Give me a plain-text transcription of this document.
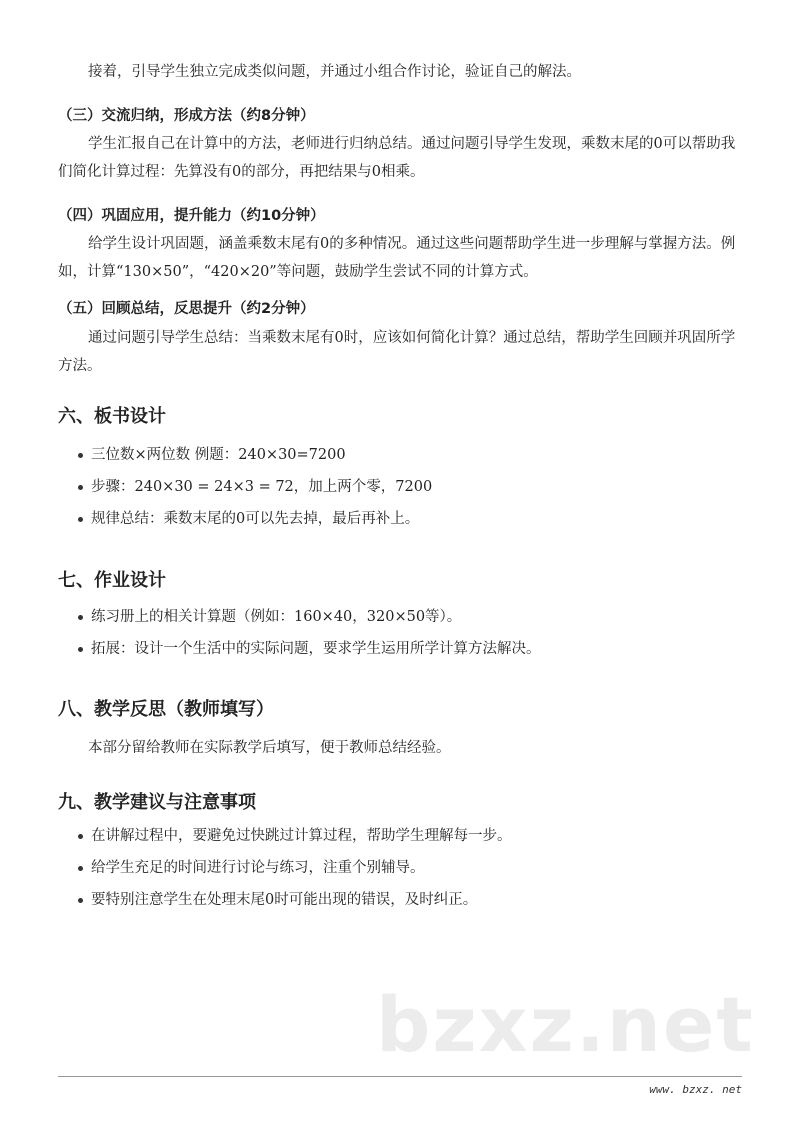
接着，引导学生独立完成类似问题，并通过小组合作讨论，验证自己的解法。

（三）交流归纳，形成方法（约8分钟）

学生汇报自己在计算中的方法，老师进行归纳总结。通过问题引导学生发现，乘数末尾的0可以帮助我们简化计算过程：先算没有0的部分，再把结果与0相乘。

（四）巩固应用，提升能力（约10分钟）

给学生设计巩固题，涵盖乘数末尾有0的多种情况。通过这些问题帮助学生进一步理解与掌握方法。例如，计算“130×50”，“420×20”等问题，鼓励学生尝试不同的计算方式。

（五）回顾总结，反思提升（约2分钟）

通过问题引导学生总结：当乘数末尾有0时，应该如何简化计算？通过总结，帮助学生回顾并巩固所学方法。

六、板书设计
三位数×两位数 例题：240×30=7200
步骤：240×30 = 24×3 = 72，加上两个零，7200
规律总结：乘数末尾的0可以先去掉，最后再补上。
七、作业设计
练习册上的相关计算题（例如：160×40，320×50等）。
拓展：设计一个生活中的实际问题，要求学生运用所学计算方法解决。
八、教学反思（教师填写）

本部分留给教师在实际教学后填写，便于教师总结经验。

九、教学建议与注意事项
在讲解过程中，要避免过快跳过计算过程，帮助学生理解每一步。
给学生充足的时间进行讨论与练习，注重个别辅导。
要特别注意学生在处理末尾0时可能出现的错误，及时纠正。
bzxz.net
www. bzxz. net
